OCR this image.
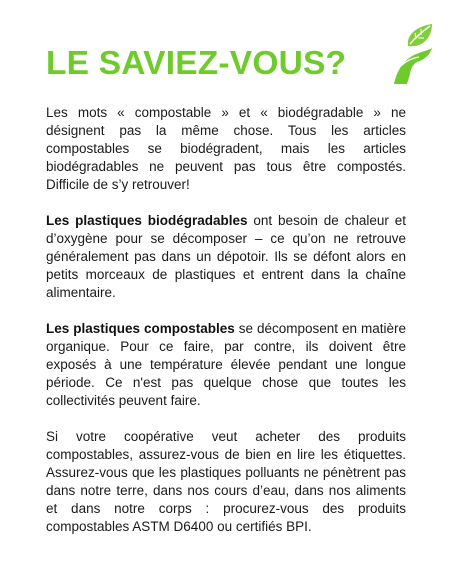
LE SAVIEZ-VOUS?

Les mots « compostable » et « biodégradable » ne désignent pas la même chose. Tous les articles compostables se biodégradent, mais les articles biodégradables ne peuvent pas tous être compostés. Difficile de s’y retrouver!

Les plastiques biodégradables ont besoin de chaleur et d’oxygène pour se décomposer – ce qu’on ne retrouve généralement pas dans un dépotoir. Ils se défont alors en petits morceaux de plastiques et entrent dans la chaîne alimentaire.

Les plastiques compostables se décomposent en matière organique. Pour ce faire, par contre, ils doivent être exposés à une température élevée pendant une longue période. Ce n'est pas quelque chose que toutes les collectivités peuvent faire.

Si votre coopérative veut acheter des produits compostables, assurez-vous de bien en lire les étiquettes. Assurez-vous que les plastiques polluants ne pénètrent pas dans notre terre, dans nos cours d’eau, dans nos aliments et dans notre corps : procurez-vous des produits compostables ASTM D6400 ou certifiés BPI.
